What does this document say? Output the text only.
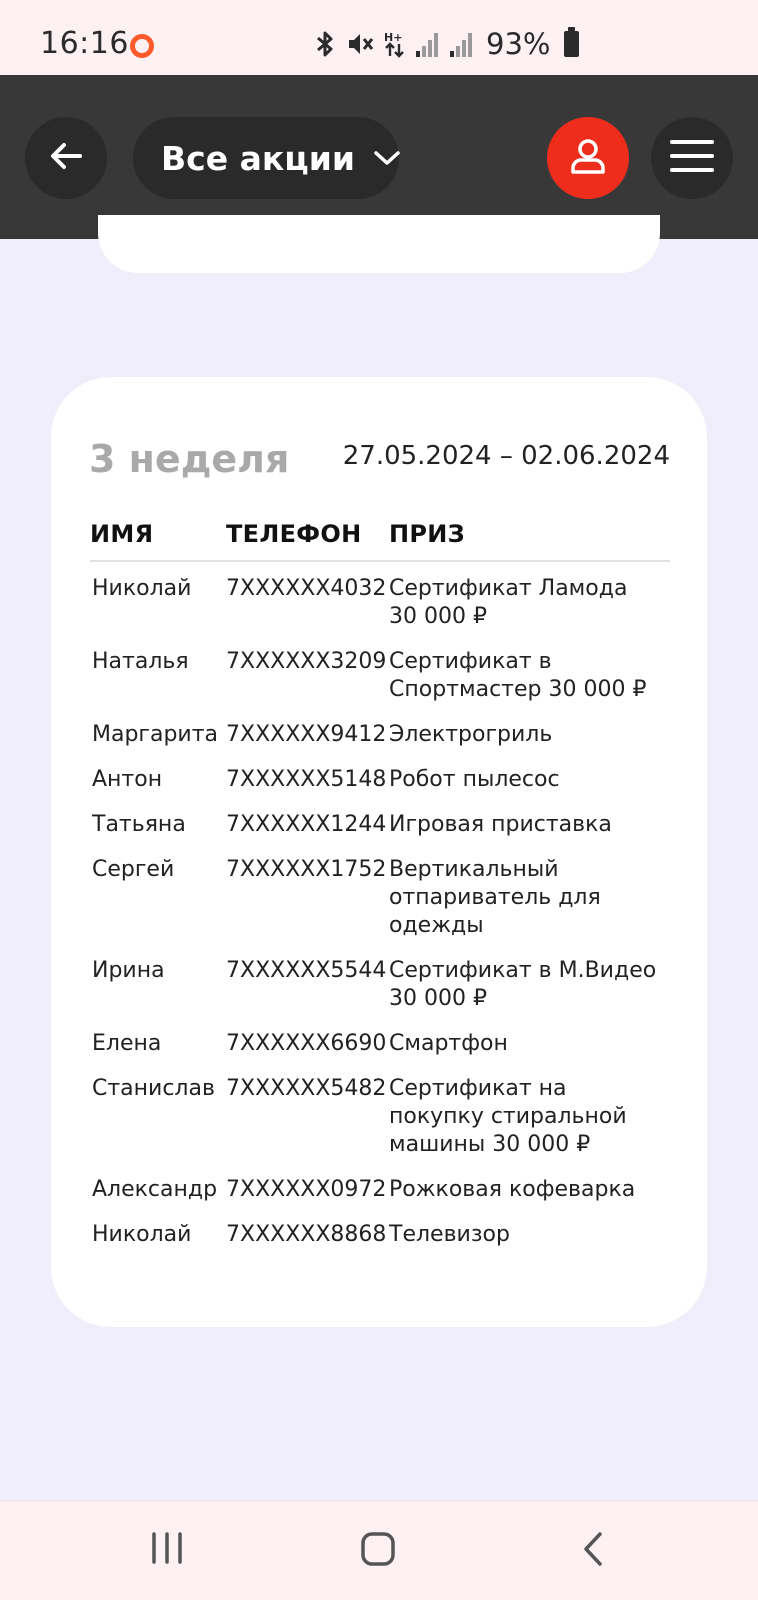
16:16	H+	93%
Все акции
3 неделя 27.05.2024 – 02.06.2024
ИМЯ	ТЕЛЕФОН ПРИЗ
Николай	7XXXXXX4032 Сертификат Ламода 30 000 ₽
Наталья	7XXXXXX3209 Сертификат в Спортмастер 30 000 ₽
Маргарита 7XXXXXX9412 Электрогриль
Антон	7XXXXXX5148 Робот пылесос
Татьяна	7XXXXXX1244 Игровая приставка
Сергей	7XXXXXX1752 Вертикальный отпариватель для одежды
Ирина	7XXXXXX5544 Сертификат в М.Видео 30 000 ₽
Елена	7XXXXXX6690 Смартфон
Станислав 7XXXXXX5482 Сертификат на покупку стиральной машины 30 000 ₽
Александр 7XXXXXX0972 Рожковая кофеварка
Николай	7XXXXXX8868 Телевизор
